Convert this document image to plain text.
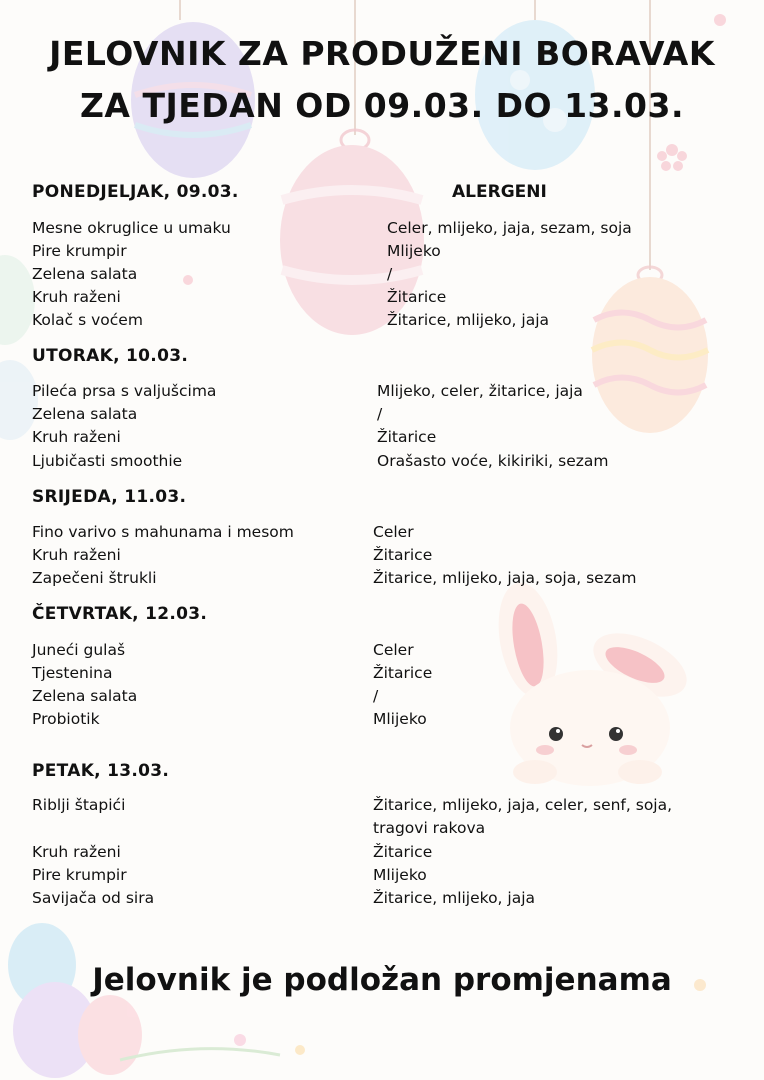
JELOVNIK ZA PRODUŽENI BORAVAK
ZA TJEDAN OD 09.03. DO 13.03.
ALERGENI
PONEDJELJAK, 09.03.
Mesne okruglice u umaku	Celer, mlijeko, jaja, sezam, soja
Pire krumpir	Mlijeko
Zelena salata	/
Kruh raženi	Žitarice
Kolač s voćem	Žitarice, mlijeko, jaja
UTORAK, 10.03.
Pileća prsa s valjušcima	Mlijeko, celer, žitarice, jaja
Zelena salata	/
Kruh raženi	Žitarice
Ljubičasti smoothie	Orašasto voće, kikiriki, sezam
SRIJEDA, 11.03.
Fino varivo s mahunama i mesom	Celer
Kruh raženi	Žitarice
Zapečeni štrukli	Žitarice, mlijeko, jaja, soja, sezam
ČETVRTAK, 12.03.
Juneći gulaš	Celer
Tjestenina	Žitarice
Zelena salata	/
Probiotik	Mlijeko
PETAK, 13.03.
Riblji štapići	Žitarice, mlijeko, jaja, celer, senf, soja,
tragovi rakova
Kruh raženi	Žitarice
Pire krumpir	Mlijeko
Savijača od sira	Žitarice, mlijeko, jaja
Jelovnik je podložan promjenama
